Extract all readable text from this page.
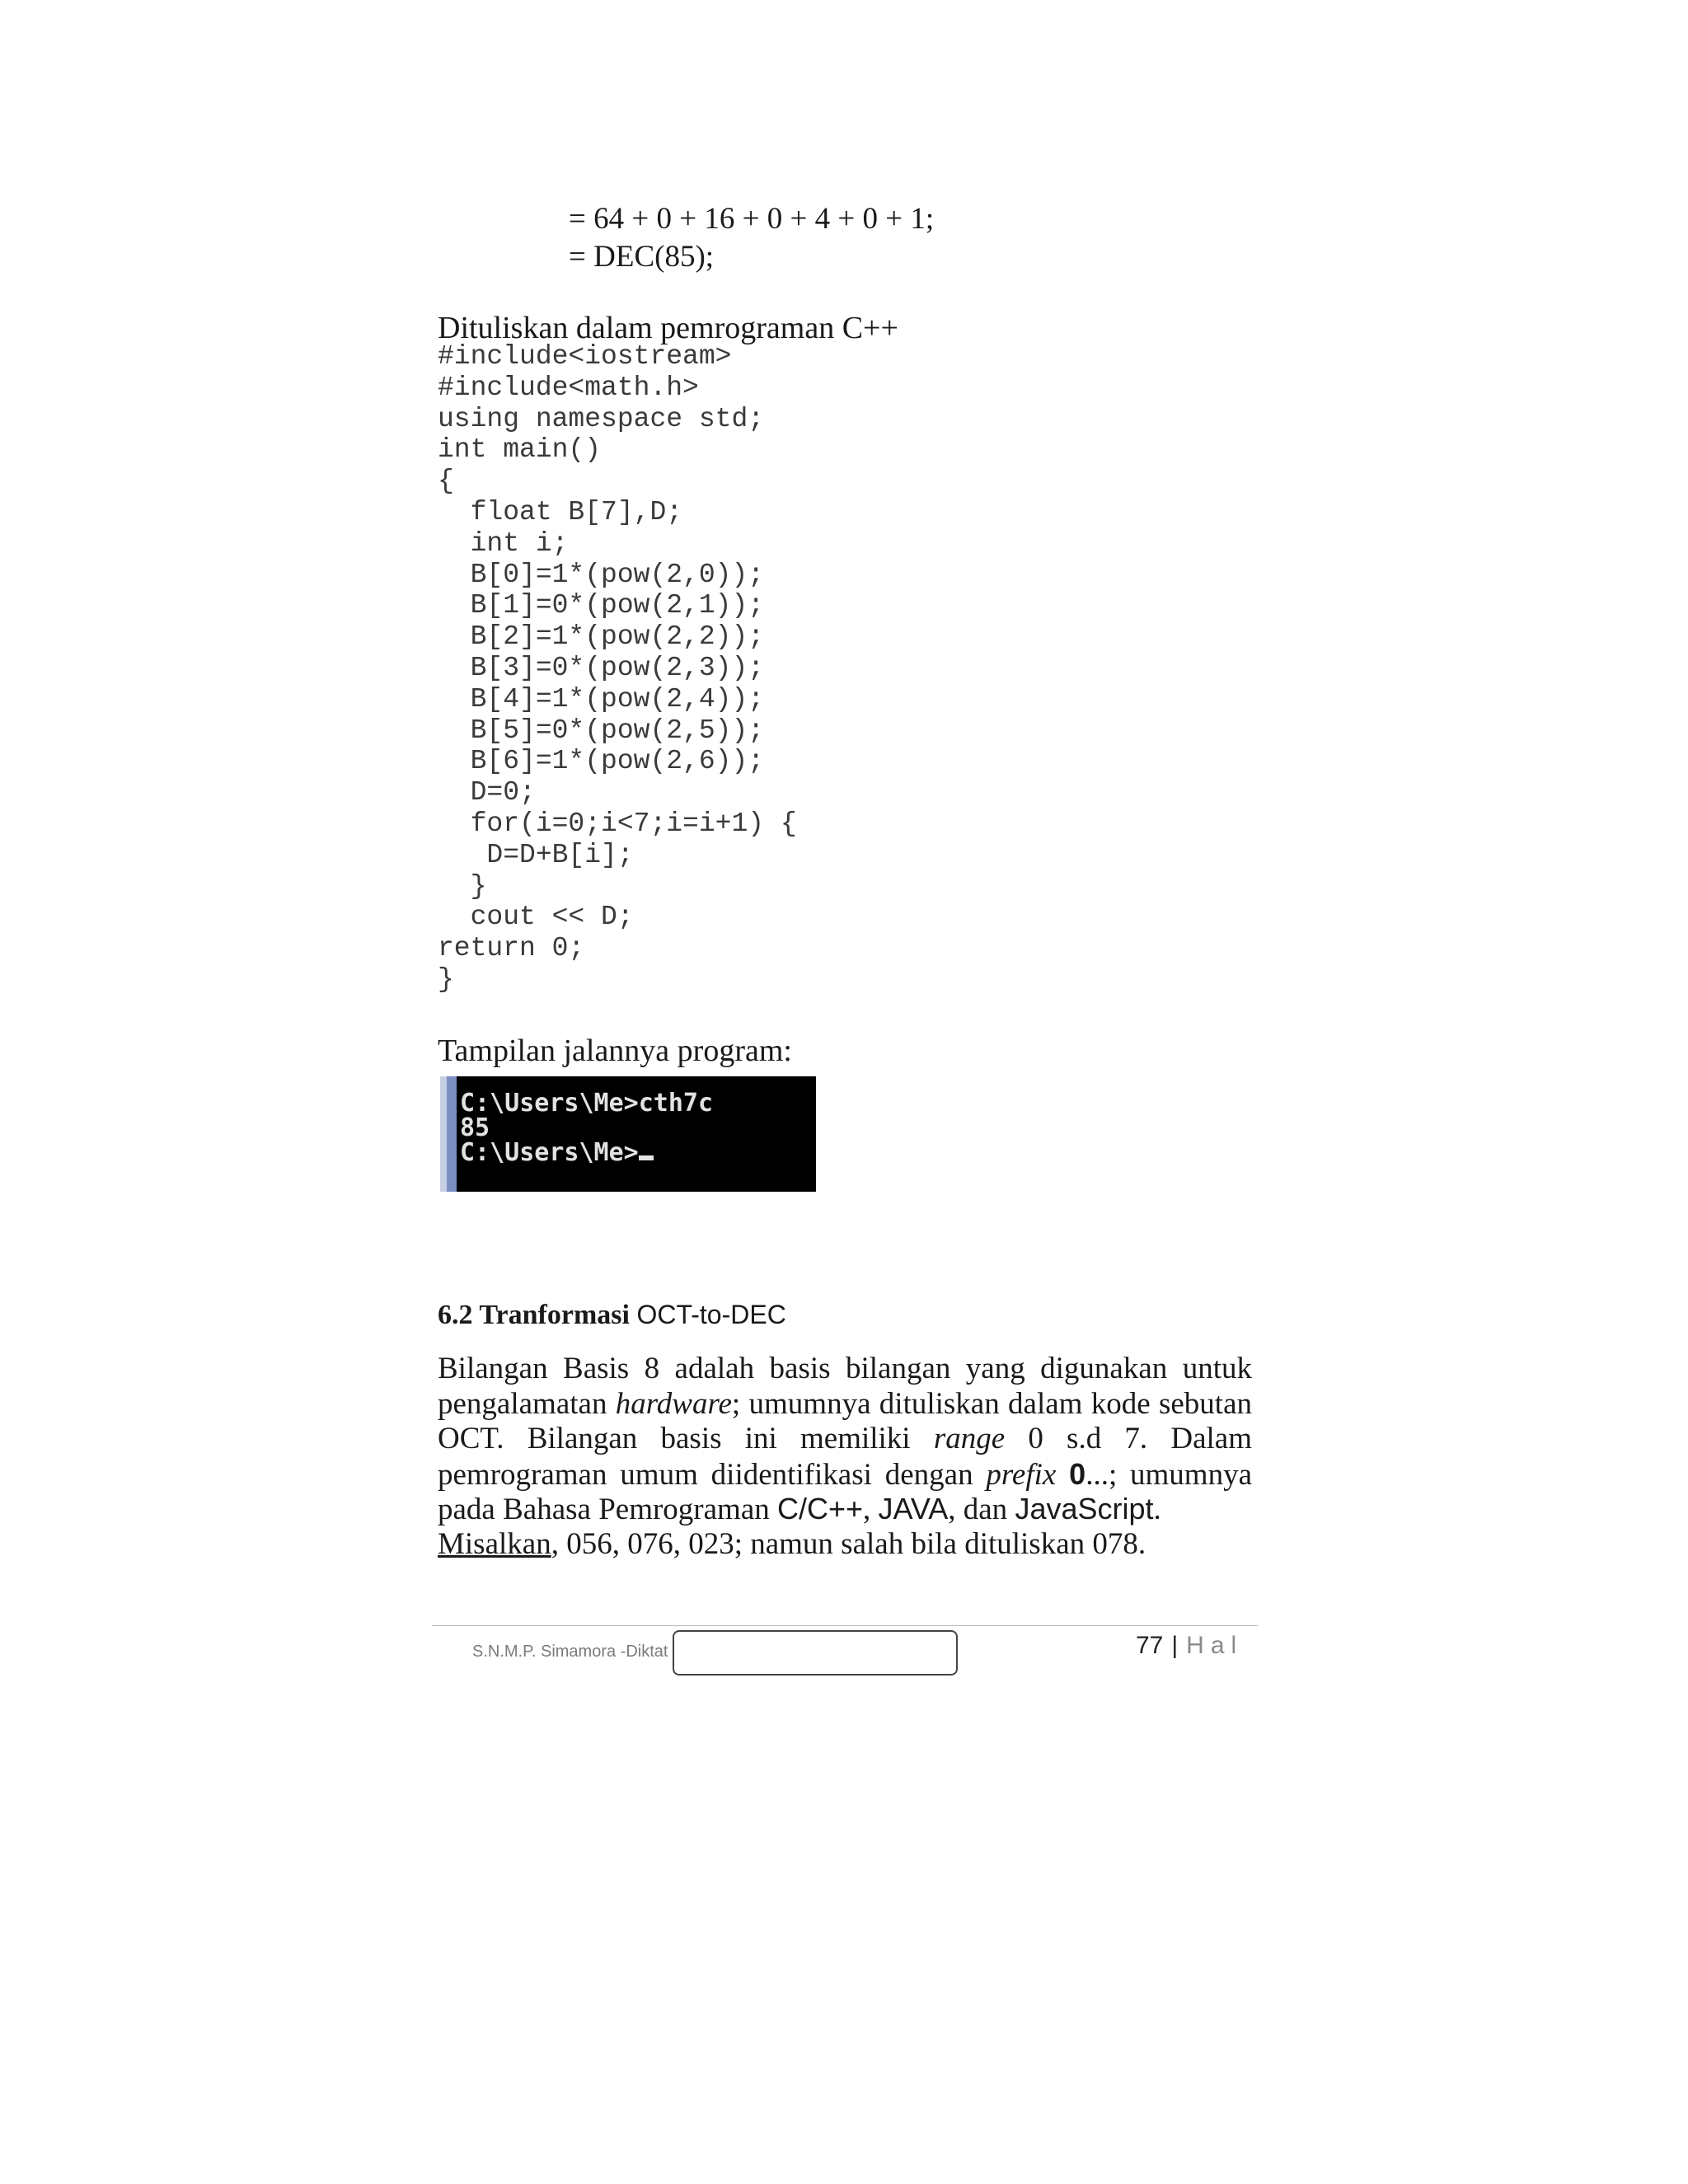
= 64 + 0 + 16 + 0 + 4 + 0 + 1;
= DEC(85);
Dituliskan dalam pemrograman C++
#include<iostream>
#include<math.h>
using namespace std;
int main()
{
float B[7],D;
int i;
B[0]=1*(pow(2,0));
B[1]=0*(pow(2,1));
B[2]=1*(pow(2,2));
B[3]=0*(pow(2,3));
B[4]=1*(pow(2,4));
B[5]=0*(pow(2,5));
B[6]=1*(pow(2,6));
D=0;
for(i=0;i<7;i=i+1) {
D=D+B[i];
}
cout << D;
return 0;
}
Tampilan jalannya program:
C:\Users\Me>cth7c
85
C:\Users\Me>
6.2 Tranformasi OCT-to-DEC
Bilangan Basis 8 adalah basis bilangan yang digunakan untuk
pengalamatan hardware; umumnya dituliskan dalam kode sebutan
OCT. Bilangan basis ini memiliki range 0 s.d 7. Dalam
pemrograman umum diidentifikasi dengan prefix 0...; umumnya
pada Bahasa Pemrograman C/C++, JAVA, dan JavaScript.
Misalkan, 056, 076, 023; namun salah bila dituliskan 078.
S.N.M.P. Simamora -Diktat	77 | Hal
